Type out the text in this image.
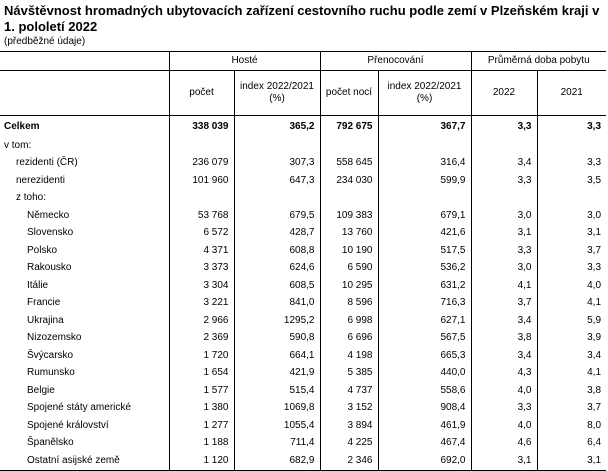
Návštěvnost hromadných ubytovacích zařízení cestovního ruchu podle zemí v Plzeňském kraji v 1. pololetí 2022
(předběžné údaje)
	Hosté		Přenocování		Průměrná doba pobytu	
	počet	index 2022/2021 (%)	počet nocí	index 2022/2021 (%)	2022	2021
Celkem	338 039	365,2	792 675	367,7	3,3	3,3
v tom:						
rezidenti (ČR)	236 079	307,3	558 645	316,4	3,4	3,3
nerezidenti	101 960	647,3	234 030	599,9	3,3	3,5
z toho:						
Německo	53 768	679,5	109 383	679,1	3,0	3,0
Slovensko	6 572	428,7	13 760	421,6	3,1	3,1
Polsko	4 371	608,8	10 190	517,5	3,3	3,7
Rakousko	3 373	624,6	6 590	536,2	3,0	3,3
Itálie	3 304	608,5	10 295	631,2	4,1	4,0
Francie	3 221	841,0	8 596	716,3	3,7	4,1
Ukrajina	2 966	1295,2	6 998	627,1	3,4	5,9
Nizozemsko	2 369	590,8	6 696	567,5	3,8	3,9
Švýcarsko	1 720	664,1	4 198	665,3	3,4	3,4
Rumunsko	1 654	421,9	5 385	440,0	4,3	4,1
Belgie	1 577	515,4	4 737	558,6	4,0	3,8
Spojené státy americké	1 380	1069,8	3 152	908,4	3,3	3,7
Spojené království	1 277	1055,4	3 894	461,9	4,0	8,0
Španělsko	1 188	711,4	4 225	467,4	4,6	6,4
Ostatní asijské země	1 120	682,9	2 346	692,0	3,1	3,1
